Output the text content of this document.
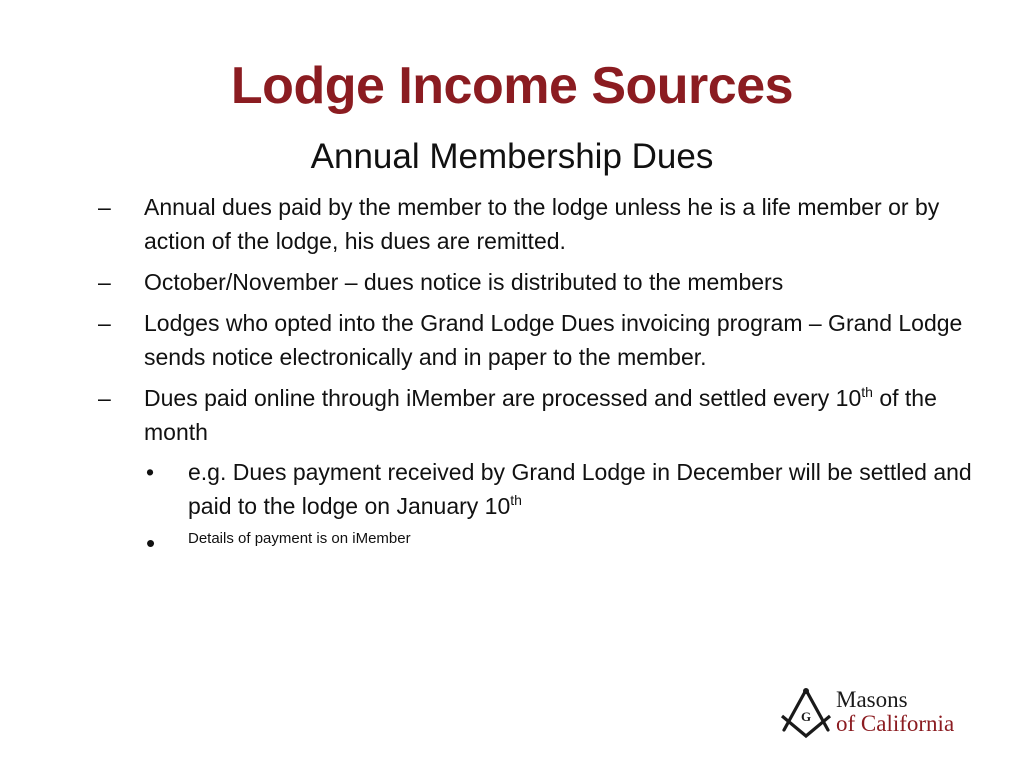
Lodge Income Sources
Annual Membership Dues
–	Annual dues paid by the member to the lodge unless he is a life member or by action of the lodge, his dues are remitted.
–	October/November – dues notice is distributed to the members
–	Lodges who opted into the Grand Lodge Dues invoicing program – Grand Lodge sends notice electronically and in paper to the member.
–	Dues paid online through iMember are processed and settled every 10th of the month
• e.g. Dues payment received by Grand Lodge in December will be settled and paid to the lodge on January 10th
• Details of payment is on iMember
G
Masons
of California
